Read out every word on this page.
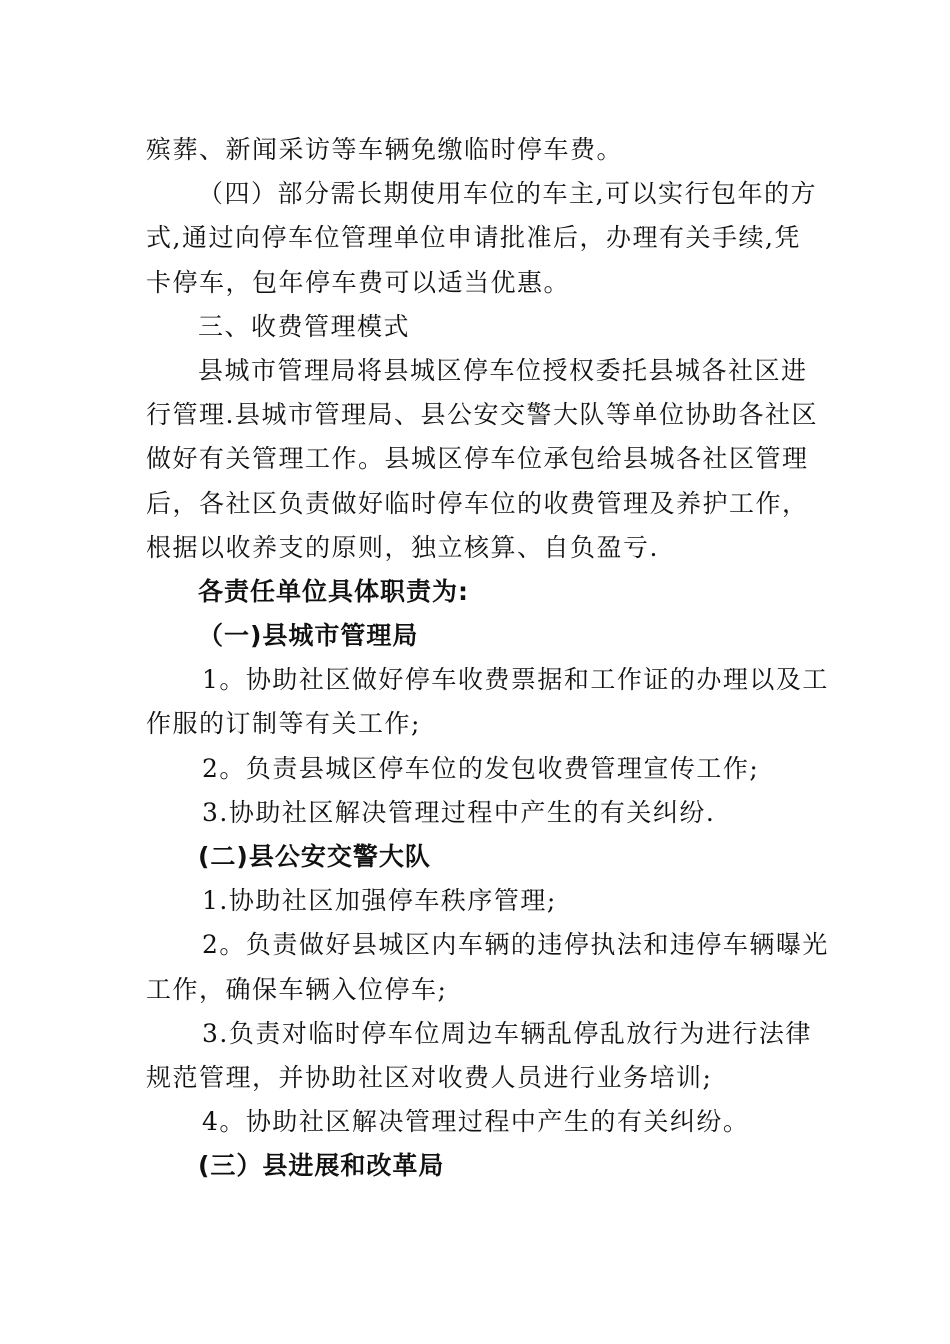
殡葬、新闻采访等车辆免缴临时停车费。

（四）部分需长期使用车位的车主,可以实行包年的方

式,通过向停车位管理单位申请批准后，办理有关手续,凭

卡停车，包年停车费可以适当优惠。

三、收费管理模式

县城市管理局将县城区停车位授权委托县城各社区进

行管理.县城市管理局、县公安交警大队等单位协助各社区

做好有关管理工作。县城区停车位承包给县城各社区管理

后，各社区负责做好临时停车位的收费管理及养护工作，

根据以收养支的原则，独立核算、自负盈亏.

各责任单位具体职责为:

（一)县城市管理局

1。协助社区做好停车收费票据和工作证的办理以及工

作服的订制等有关工作;

2。负责县城区停车位的发包收费管理宣传工作;

3.协助社区解决管理过程中产生的有关纠纷.

(二)县公安交警大队

1.协助社区加强停车秩序管理;

2。负责做好县城区内车辆的违停执法和违停车辆曝光

工作，确保车辆入位停车;

3.负责对临时停车位周边车辆乱停乱放行为进行法律

规范管理，并协助社区对收费人员进行业务培训;

4。协助社区解决管理过程中产生的有关纠纷。

(三）县进展和改革局
